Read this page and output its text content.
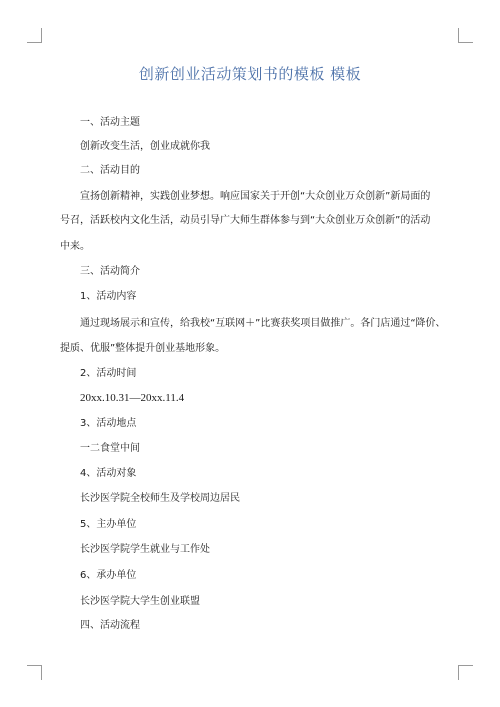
创新创业活动策划书的模板 模板
一、活动主题
创新改变生活，创业成就你我
二、活动目的
宣扬创新精神，实践创业梦想。响应国家关于开创“大众创业万众创新”新局面的
号召，活跃校内文化生活，动员引导广大师生群体参与到“大众创业万众创新”的活动
中来。
三、活动简介
1、活动内容
通过现场展示和宣传，给我校“互联网＋”比赛获奖项目做推广。各门店通过“降价、
提质、优服”整体提升创业基地形象。
2、活动时间
20xx.10.31—20xx.11.4
3、活动地点
一二食堂中间
4、活动对象
长沙医学院全校师生及学校周边居民
5、主办单位
长沙医学院学生就业与工作处
6、承办单位
长沙医学院大学生创业联盟
四、活动流程
